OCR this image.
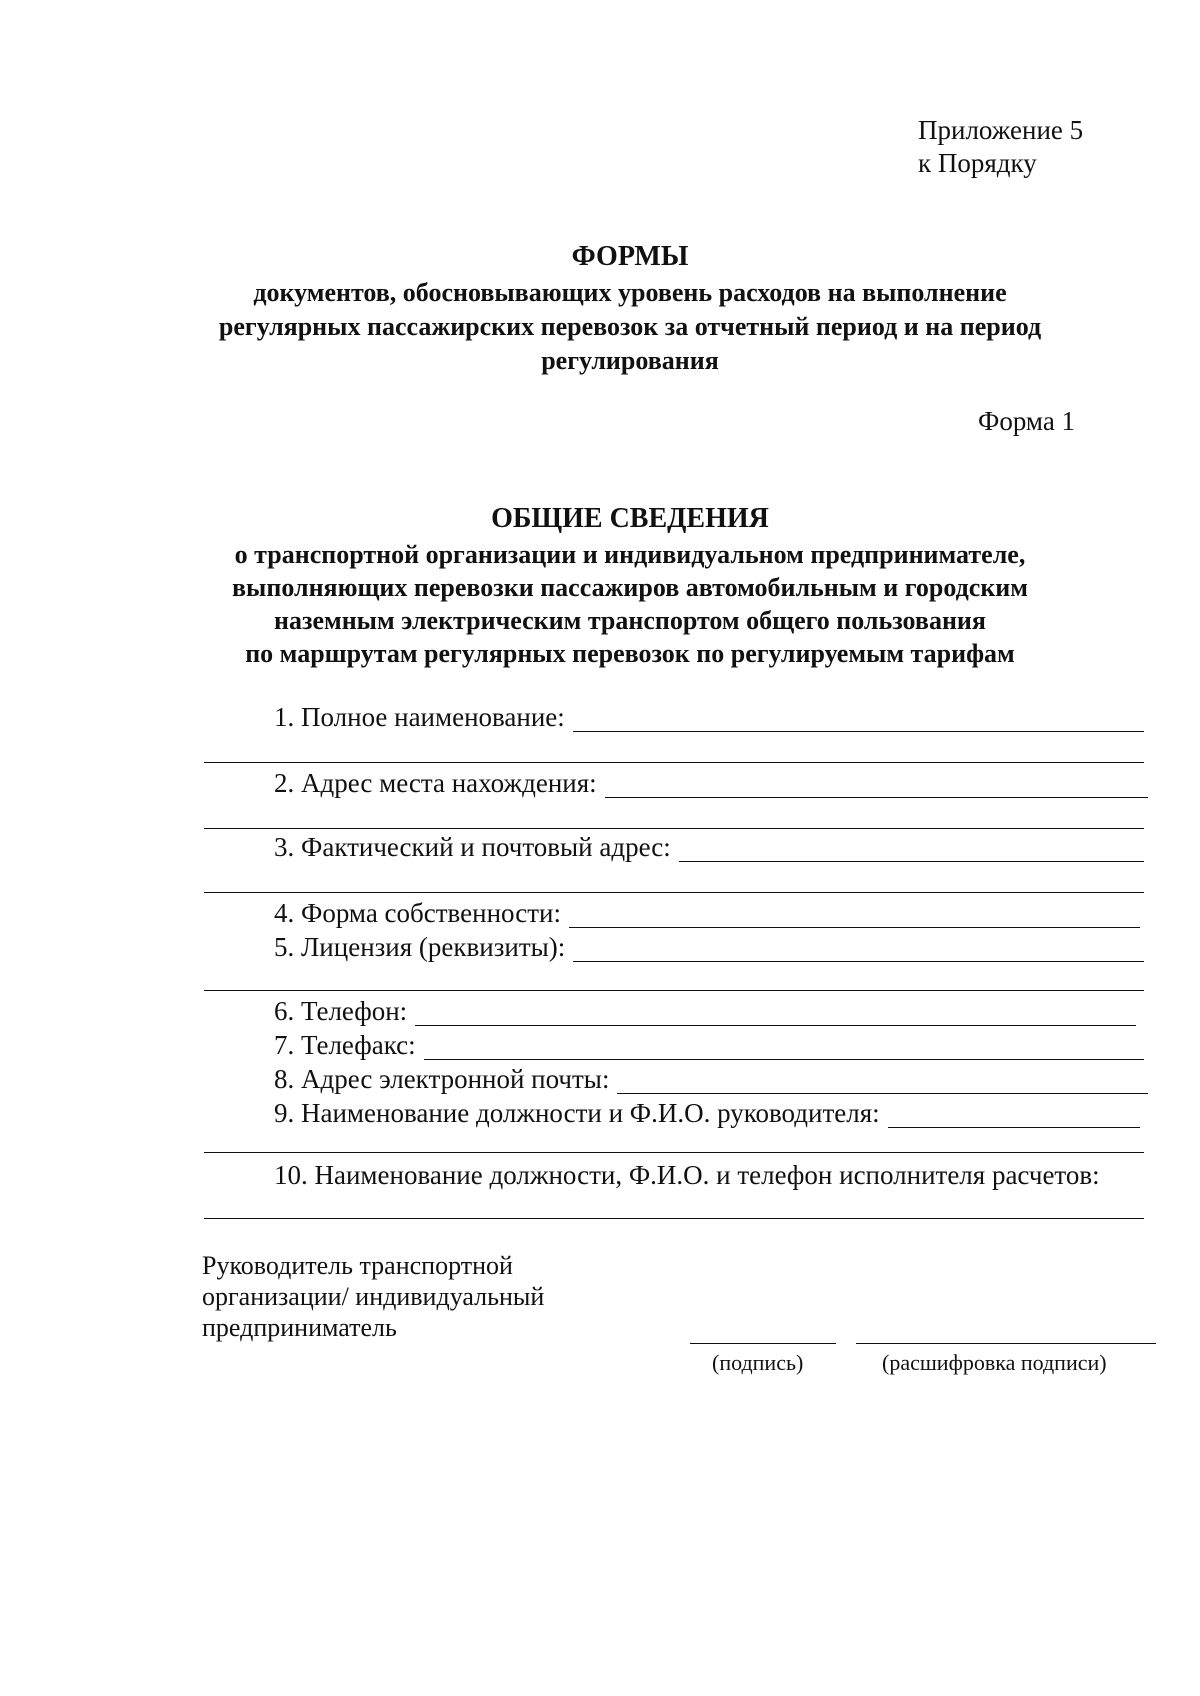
Приложение 5
к Порядку
ФОРМЫ
документов, обосновывающих уровень расходов на выполнение
регулярных пассажирских перевозок за отчетный период и на период
регулирования
Форма 1
ОБЩИЕ СВЕДЕНИЯ
о транспортной организации и индивидуальном предпринимателе,
выполняющих перевозки пассажиров автомобильным и городским
наземным электрическим транспортом общего пользования
по маршрутам регулярных перевозок по регулируемым тарифам
1. Полное наименование:
2. Адрес места нахождения:
3. Фактический и почтовый адрес:
4. Форма собственности:
5. Лицензия (реквизиты):
6. Телефон:
7. Телефакс:
8. Адрес электронной почты:
9. Наименование должности и Ф.И.О. руководителя:
10. Наименование должности, Ф.И.О. и телефон исполнителя расчетов:
Руководитель транспортной
организации/ индивидуальный
предприниматель
(подпись)	(расшифровка подписи)
